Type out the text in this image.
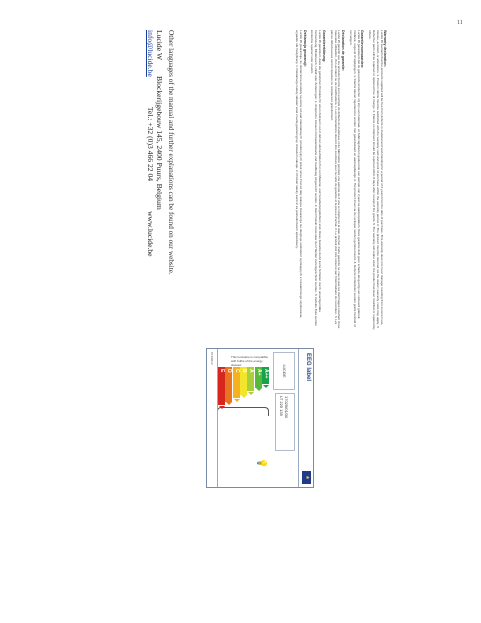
11

Warranty declaration:

Lucide W warrants that the products supplied will be free from defects in material and workmanship for a period of 2 years from the date of purchase. This warranty does not cover damage resulting from incorrect use, misuse, accident, or alterations. 1. Product claims must be submitted with the warranty card and proof of purchase within the warranty period. 2. The product must be returned via the dealer; warranty costs may apply. 3. Defective parts will be repaired or replaced free of charge. 4. Claims on shipment should be reported within 8 days after receipt of the goods. 5. The warranty will expire when the product has been modified or repaired by others.

Garantievoorwaarden:

Lucide W garandeert dat de geleverde producten vrij zijn van materiaal- en fabricagefouten gedurende een periode van 2 jaar na aankoopdatum. Deze garantie dekt geen schade als gevolg van verkeerd gebruik, misbruik, ongeval of wijzigingen. 1. Claims dienen ingediend te worden met garantiekaart en aankoopbewijs. 2. Het product moet via de verkoper worden geretourneerd. 3. Defecte onderdelen worden gratis hersteld of vervangen.

Déclaration de garantie:

Lucide W garantit que les produits fournis sont exempts de défauts de matériaux et de fabrication pendant une période de 2 ans à compter de la date d'achat. Cette garantie ne couvre pas les dommages résultant d'une mauvaise utilisation, d'un accident ou de modifications. 1. Les réclamations doivent être soumises avec la carte de garantie et la preuve d'achat. 2. Le produit doit être retourné par l'intermédiaire du revendeur. 3. Les pièces défectueuses seront réparées ou remplacées gratuitement.

Garantieerklärung:

Lucide W garantiert, dass die gelieferten Produkte für einen Zeitraum von 2 Jahren ab Kaufdatum frei von Material- und Verarbeitungsfehlern sind. Diese Garantie deckt keine Schäden durch unsachgemäße Verwendung, Missbrauch, Unfall oder Änderungen. 1. Ansprüche müssen mit Garantiekarte und Kaufbeleg eingereicht werden. 2. Das Produkt muss über den Händler zurückgeschickt werden. 3. Defekte Teile werden kostenlos repariert oder ersetzt.

Deklaracja gwarancji:

Lucide W gwarantuje, że dostarczone produkty są wolne od wad materiałowych i produkcyjnych przez okres 2 lat od daty zakupu. Gwarancja nie obejmuje uszkodzeń wynikających z niewłaściwego użytkowania, wypadku lub modyfikacji. 1. Reklamacje należy składać wraz z kartą gwarancyjną i dowodem zakupu. 2. Produkt należy zwrócić za pośrednictwem sprzedawcy.

EEG label
★
LUCIDE
17025/01/30
LT 225 135
This luminaire is compatible with bulbs of the energy classes:
A++
A+
A
B
C
D
E
💡
874/2012
Other languages of the manual and further explanations can be found on our website.
Lucide W
Blockerijgebouw 145, 2400 Puurs, Belgium
info@lucide.be
Tel.: +32 (0)3 466 22 04
www.lucide.be
